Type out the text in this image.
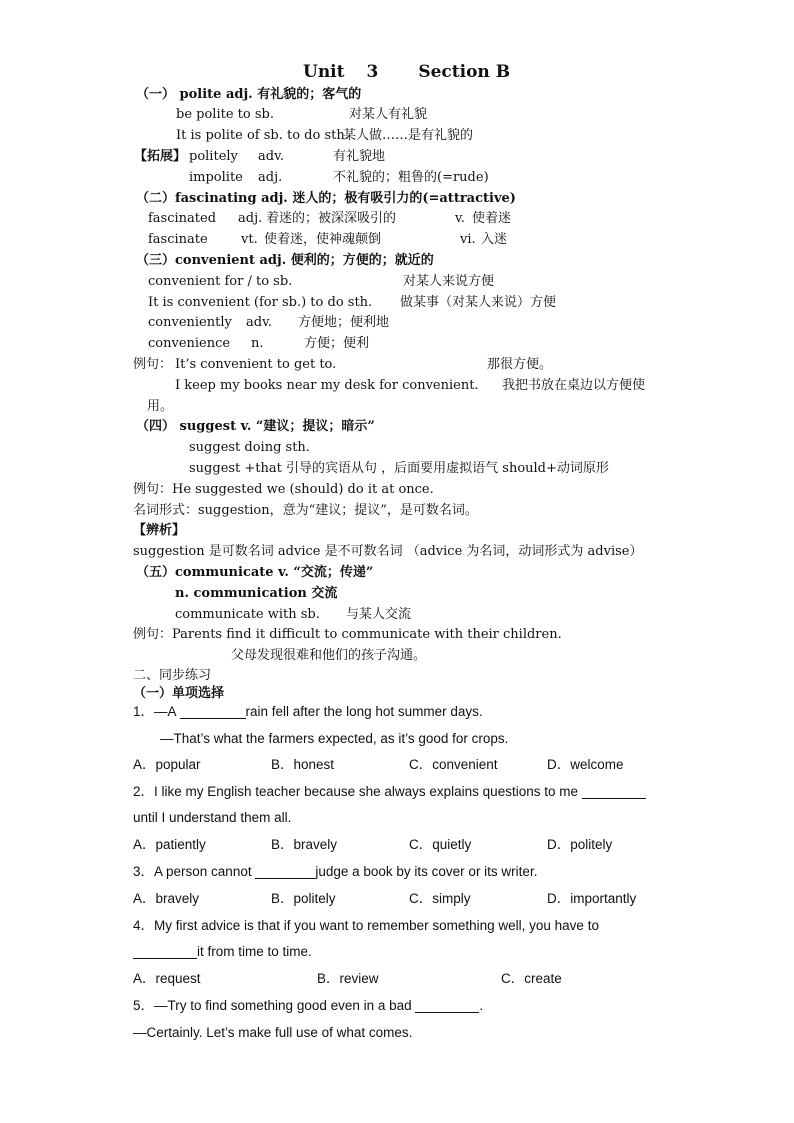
Unit 3 Section B
（一） polite adj. 有礼貌的；客气的
be polite to sb.	对某人有礼貌
It is polite of sb. to do sth.
某人做……是有礼貌的
【拓展】 politely adv.	有礼貌地
impolite adj.	不礼貌的；粗鲁的(=rude)
（二）fascinating adj. 迷人的；极有吸引力的(=attractive)
fascinated adj. 着迷的；被深深吸引的	v. 使着迷
fascinate	vt. 使着迷，使神魂颠倒	vi. 入迷
（三）convenient adj. 便利的；方便的；就近的
convenient for / to sb.	对某人来说方便
It is convenient (for sb.) to do sth. 做某事（对某人来说）方便
conveniently adv. 方便地；便利地
convenience n.	方便；便利
例句： It’s convenient to get to.	那很方便。
I keep my books near my desk for convenient. 我把书放在桌边以方便使
用。
（四） suggest v. “建议；提议；暗示”
suggest doing sth.
suggest +that 引导的宾语从句 ，后面要用虚拟语气 should+动词原形
例句：He suggested we (should) do it at once.
名词形式：suggestion，意为“建议；提议”，是可数名词。
【辨析】
suggestion 是可数名词 advice 是不可数名词 （advice 为名词，动词形式为 advise）
（五）communicate v. “交流；传递”
n. communication 交流
communicate with sb. 与某人交流
例句：Parents find it difficult to communicate with their children.
父母发现很难和他们的孩子沟通。
二、同步练习
（一）单项选择
1．—A	rain fell after the long hot summer days.
—That’s what the farmers expected, as it’s good for crops.
A．popular	B．honest	C．convenient	D．welcome
2．I like my English teacher because she always explains questions to me
until I understand them all.
A．patiently	B．bravely	C．quietly	D．politely
3．A person cannot	judge a book by its cover or its writer.
A．bravely	B．politely	C．simply	D．importantly
4．My first advice is that if you want to remember something well, you have to
it from time to time.
A．request	B．review	C．create
5．—Try to find something good even in a bad	.
—Certainly. Let’s make full use of what comes.
